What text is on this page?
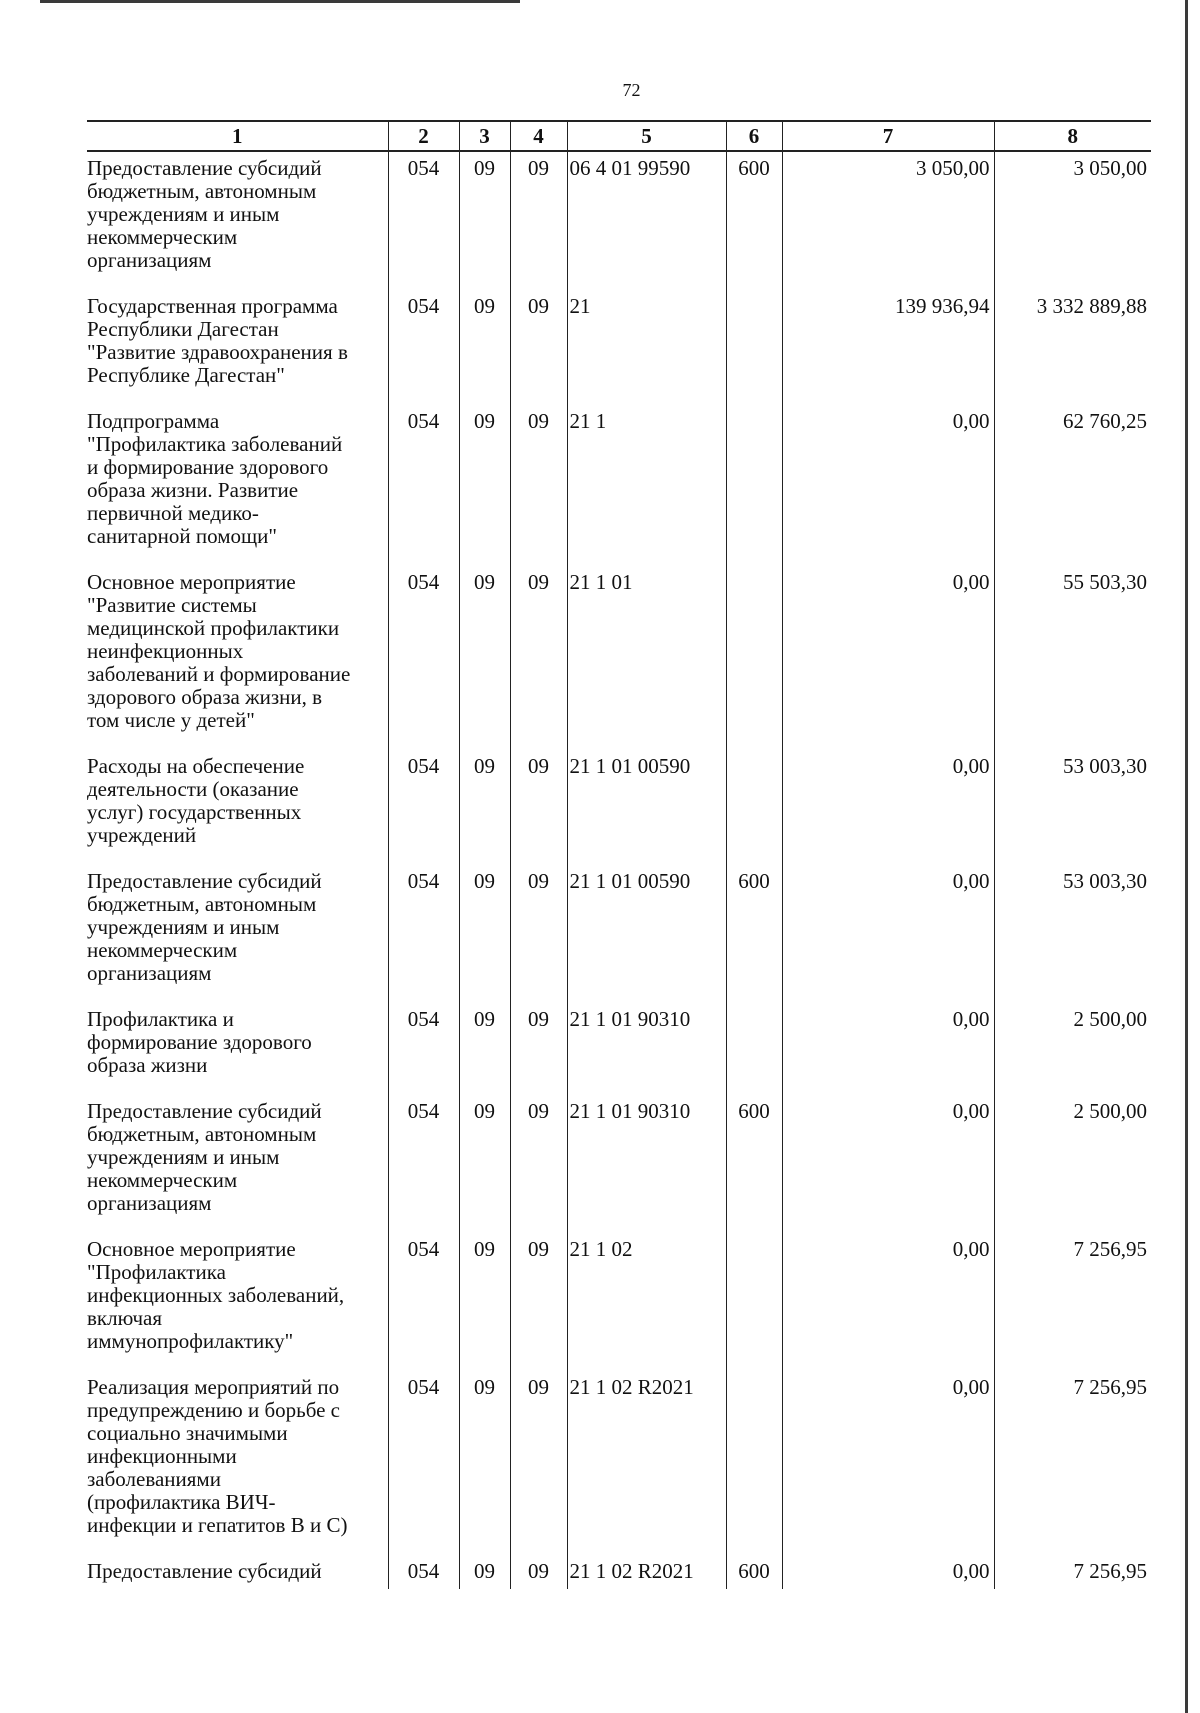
72
1	2	3	4	5	6	7	8

Предоставление субсидий бюджетным, автономным учреждениям и иным некоммерческим организациям	054	09	09	06 4 01 99590	600	3 050,00	3 050,00

Государственная программа Республики Дагестан "Развитие здравоохранения в Республике Дагестан"	054	09	09	21		139 936,94	3 332 889,88

Подпрограмма "Профилактика заболеваний и формирование здорового образа жизни. Развитие первичной медико-санитарной помощи"	054	09	09	21 1		0,00	62 760,25

Основное мероприятие "Развитие системы медицинской профилактики неинфекционных заболеваний и формирование здорового образа жизни, в том числе у детей"	054	09	09	21 1 01		0,00	55 503,30

Расходы на обеспечение деятельности (оказание услуг) государственных учреждений	054	09	09	21 1 01 00590		0,00	53 003,30

Предоставление субсидий бюджетным, автономным учреждениям и иным некоммерческим организациям	054	09	09	21 1 01 00590	600	0,00	53 003,30

Профилактика и формирование здорового образа жизни	054	09	09	21 1 01 90310		0,00	2 500,00

Предоставление субсидий бюджетным, автономным учреждениям и иным некоммерческим организациям	054	09	09	21 1 01 90310	600	0,00	2 500,00

Основное мероприятие "Профилактика инфекционных заболеваний, включая иммунопрофилактику"	054	09	09	21 1 02		0,00	7 256,95

Реализация мероприятий по предупреждению и борьбе с социально значимыми инфекционными заболеваниями (профилактика ВИЧ-инфекции и гепатитов В и С)	054	09	09	21 1 02 R2021		0,00	7 256,95

Предоставление субсидий	054	09	09	21 1 02 R2021	600	0,00	7 256,95
